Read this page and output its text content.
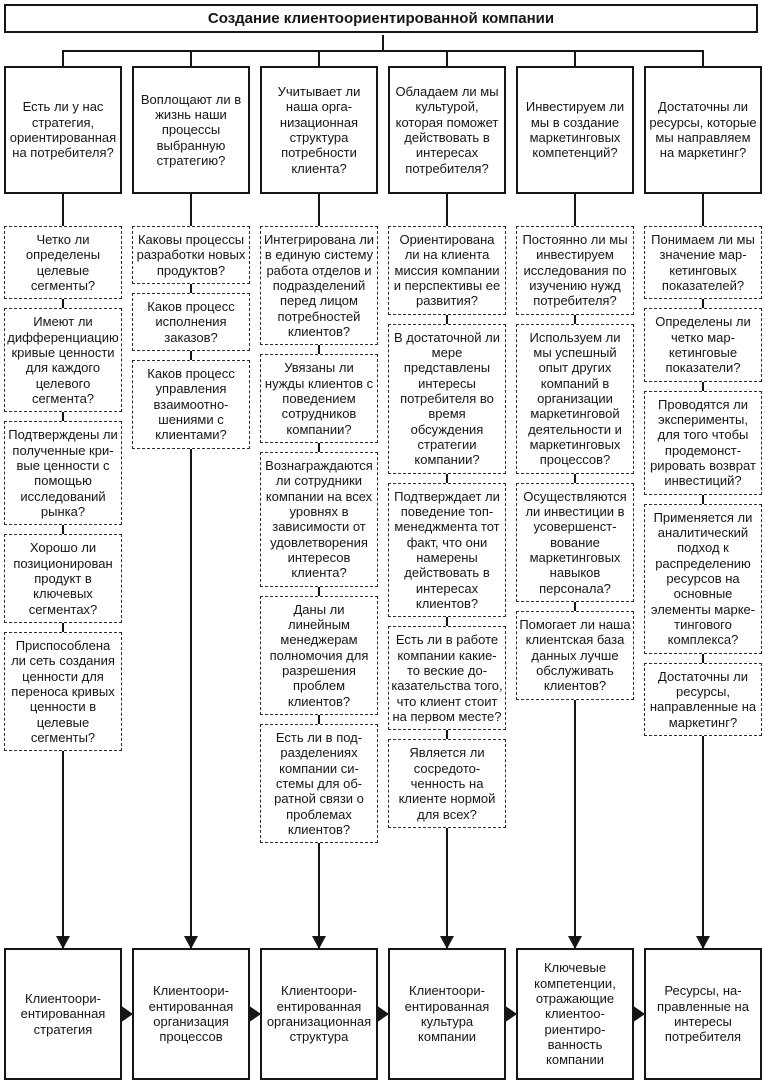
Создание клиентоориентированной компании
Есть ли у нас стратегия, ориентированная на потребителя?
Воплощают ли в жизнь наши процессы выбранную стратегию?
Учитывает ли наша организационная структура потребности клиента?
Обладаем ли мы культурой, которая поможет действовать в интересах потребителя?
Инвестируем ли мы в создание маркетинговых компетенций?
Достаточны ли ресурсы, которые мы направляем на маркетинг?
Четко ли определены целевые сегменты?
Имеют ли дифференциацию кривые ценности для каждого целевого сегмента?
Подтверждены ли полученные кривые ценности с помощью исследований рынка?
Хорошо ли позиционирован продукт в ключевых сегментах?
Приспособлена ли сеть создания ценности для переноса кривых ценности в целевые сегменты?
Каковы процессы разработки новых продуктов?
Каков процесс исполнения заказов?
Каков процесс управления взаимоотношениями с клиентами?
Интегрирована ли в единую систему работа отделов и подразделений перед лицом потребностей клиентов?
Увязаны ли нужды клиентов с поведением сотрудников компании?
Вознаграждаются ли сотрудники компании на всех уровнях в зависимости от удовлетворения интересов клиента?
Даны ли линейным менеджерам полномочия для разрешения проблем клиентов?
Есть ли в подразделениях компании системы для обратной связи о проблемах клиентов?
Ориентирована ли на клиента миссия компании и перспективы ее развития?
В достаточной ли мере представлены интересы потребителя во время обсуждения стратегии компании?
Подтверждает ли поведение топ-менеджмента тот факт, что они намерены действовать в интересах клиентов?
Есть ли в работе компании какие-то веские доказательства того, что клиент стоит на первом месте?
Является ли сосредоточенность на клиенте нормой для всех?
Постоянно ли мы инвестируем исследования по изучению нужд потребителя?
Используем ли мы успешный опыт других компаний в организации маркетинговой деятельности и маркетинговых процессов?
Осуществляются ли инвестиции в усовершенствование маркетинговых навыков персонала?
Помогает ли наша клиентская база данных лучше обслуживать клиентов?
Понимаем ли мы значение маркетинговых показателей?
Определены ли четко маркетинговые показатели?
Проводятся ли эксперименты, для того чтобы продемонстрировать возврат инвестиций?
Применяется ли аналитический подход к распределению ресурсов на основные элементы маркетингового комплекса?
Достаточны ли ресурсы, направленные на маркетинг?
Клиентоориентированная стратегия
Клиентоориентированная организация процессов
Клиентоориентированная организационная структура
Клиентоориентированная культура компании
Ключевые компетенции, отражающие клиентоориентированность компании
Ресурсы, направленные на интересы потребителя
